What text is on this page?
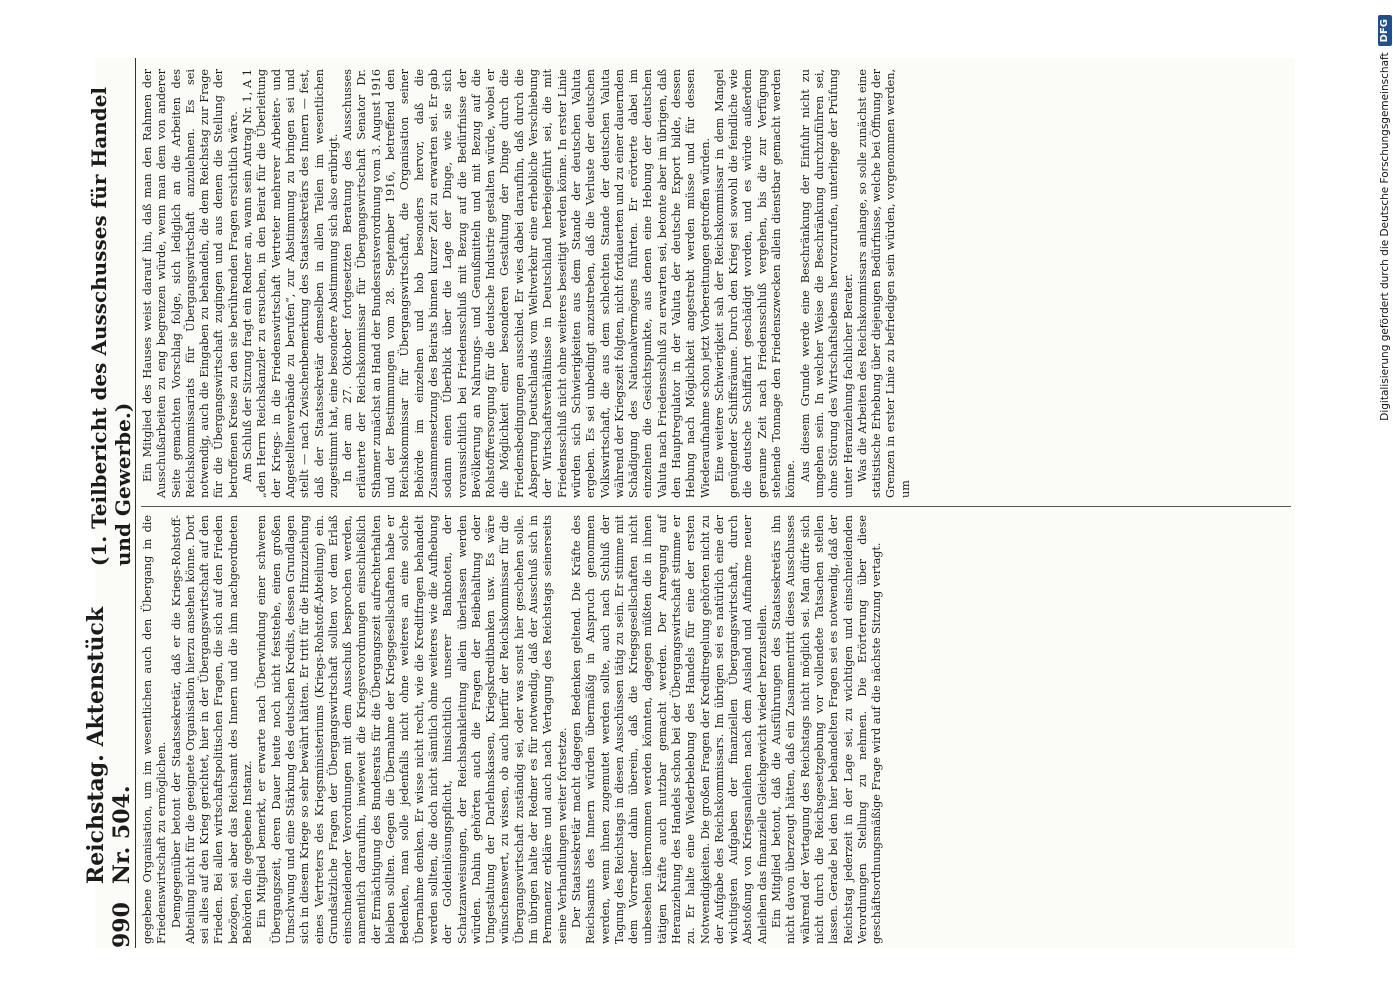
990
Reichstag. Aktenstück Nr. 504.
(1. Teilbericht des Ausschusses für Handel und Gewerbe.)

gegebene Organisation, um im wesentlichen auch den Übergang in die Friedenswirtschaft zu ermöglichen. Demgegenüber betont der Staatssekretär, daß er die Kriegs-Rohstoff-Abteilung nicht für die geeignete Organisation hierzu ansehen könne. Dort sei alles auf den Krieg gerichtet, hier in der Übergangswirtschaft auf den Frieden. Bei allen wirtschaftspolitischen Fragen, die sich auf den Frieden bezögen, sei aber das Reichsamt des Innern und die ihm nachgeordneten Behörden die gegebene Instanz. Ein Mitglied bemerkt, er erwarte nach Überwindung einer schweren Übergangszeit, deren Dauer heute noch nicht feststehe, einen großen Umschwung und eine Stärkung des deutschen Kredits, dessen Grundlagen sich in diesem Kriege so sehr bewährt hätten. Er tritt für die Hinzuziehung eines Vertreters des Kriegsministeriums (Kriegs-Rohstoff-Abteilung) ein. Grundsätzliche Fragen der Übergangswirtschaft sollten vor dem Erlaß einschneidender Verordnungen mit dem Ausschuß besprochen werden, namentlich daraufhin, inwieweit die Kriegsverordnungen einschließlich der Ermächtigung des Bundesrats für die Übergangszeit aufrechterhalten bleiben sollten. Gegen die Übernahme der Kriegsgesellschaften habe er Bedenken, man solle jedenfalls nicht ohne weiteres an eine solche Übernahme denken. Er wisse nicht recht, wie die Kreditfragen behandelt werden sollten, die doch nicht sämtlich ohne weiteres wie die Aufhebung der Goldeinlösungspflicht, hinsichtlich unserer Banknoten, der Schatzanweisungen, der Reichsbankleitung allein überlassen werden würden. Dahin gehörten auch die Fragen der Beibehaltung oder Umgestaltung der Darlehnskassen, Kriegskreditbanken usw. Es wäre wünschenswert, zu wissen, ob auch hierfür der Reichskommissar für die Übergangswirtschaft zuständig sei, oder was sonst hier geschehen solle. Im übrigen halte der Redner es für notwendig, daß der Ausschuß sich in Permanenz erkläre und auch nach Vertagung des Reichstags seinerseits seine Verhandlungen weiter fortsetze. Der Staatssekretär macht dagegen Bedenken geltend. Die Kräfte des Reichsamts des Innern würden übermäßig in Anspruch genommen werden, wenn ihnen zugemutet werden sollte, auch nach Schluß der Tagung des Reichstags in diesen Ausschüssen tätig zu sein. Er stimme mit dem Vorredner dahin überein, daß die Kriegsgesellschaften nicht unbesehen übernommen werden könnten, dagegen müßten die in ihnen tätigen Kräfte auch nutzbar gemacht werden. Der Anregung auf Heranziehung des Handels schon bei der Übergangswirtschaft stimme er zu. Er halte eine Wiederbelebung des Handels für eine der ersten Notwendigkeiten. Die großen Fragen der Kreditregelung gehörten nicht zu der Aufgabe des Reichskommissars. Im übrigen sei es natürlich eine der wichtigsten Aufgaben der finanziellen Übergangswirtschaft, durch Abstoßung von Kriegsanleihen nach dem Ausland und Aufnahme neuer Anleihen das finanzielle Gleichgewicht wieder herzustellen. Ein Mitglied betont, daß die Ausführungen des Staatssekretärs ihn nicht davon überzeugt hätten, daß ein Zusammentritt dieses Ausschusses während der Vertagung des Reichstags nicht möglich sei. Man dürfe sich nicht durch die Reichsgesetzgebung vor vollendete Tatsachen stellen lassen. Gerade bei den hier behandelten Fragen sei es notwendig, daß der Reichstag jederzeit in der Lage sei, zu wichtigen und einschneidenden Verordnungen Stellung zu nehmen. Die Erörterung über diese geschäftsordnungsmäßige Frage wird auf die nächste Sitzung vertagt.

Ein Mitglied des Hauses weist darauf hin, daß man den Rahmen der Ausschußarbeiten zu eng begrenzen würde, wenn man dem von anderer Seite gemachten Vorschlag folge, sich lediglich an die Arbeiten des Reichskommissariats für Übergangswirtschaft anzulehnen. Es sei notwendig, auch die Eingaben zu behandeln, die dem Reichstag zur Frage für die Übergangswirtschaft zugingen und aus denen die Stellung der betroffenen Kreise zu den sie berührenden Fragen ersichtlich wäre. Am Schluß der Sitzung fragt ein Redner an, wann sein Antrag Nr. 1, A 1 „den Herrn Reichskanzler zu ersuchen, in den Beirat für die Überleitung der Kriegs- in die Friedenswirtschaft Vertreter mehrerer Arbeiter- und Angestelltenverbände zu berufen“, zur Abstimmung zu bringen sei und stellt — nach Zwischenbemerkung des Staatssekretärs des Innern — fest, daß der Staatssekretär demselben in allen Teilen im wesentlichen zugestimmt hat, eine besondere Abstimmung sich also erübrigt. In der am 27. Oktober fortgesetzten Beratung des Ausschusses erläuterte der Reichskommissar für Übergangswirtschaft Senator Dr. Sthamer zunächst an Hand der Bundesratsverordnung vom 3. August 1916 und der Bestimmungen vom 28. September 1916, betreffend den Reichskommissar für Übergangswirtschaft, die Organisation seiner Behörde im einzelnen und hob besonders hervor, daß die Zusammensetzung des Beirats binnen kurzer Zeit zu erwarten sei. Er gab sodann einen Überblick über die Lage der Dinge, wie sie sich voraussichtlich bei Friedensschluß mit Bezug auf die Bedürfnisse der Bevölkerung an Nahrungs- und Genußmitteln und mit Bezug auf die Rohstoffversorgung für die deutsche Industrie gestalten würde, wobei er die Möglichkeit einer besonderen Gestaltung der Dinge durch die Friedensbedingungen ausschied. Er wies dabei daraufhin, daß durch die Absperrung Deutschlands vom Weltverkehr eine erhebliche Verschiebung der Wirtschaftsverhältnisse in Deutschland herbeigeführt sei, die mit Friedensschluß nicht ohne weiteres beseitigt werden könne. In erster Linie würden sich Schwierigkeiten aus dem Stande der deutschen Valuta ergeben. Es sei unbedingt anzustreben, daß die Verluste der deutschen Volkswirtschaft, die aus dem schlechten Stande der deutschen Valuta während der Kriegszeit folgten, nicht fortdauerten und zu einer dauernden Schädigung des Nationalvermögens führten. Er erörterte dabei im einzelnen die Gesichtspunkte, aus denen eine Hebung der deutschen Valuta nach Friedensschluß zu erwarten sei, betonte aber im übrigen, daß den Hauptregulator in der Valuta der deutsche Export bilde, dessen Hebung nach Möglichkeit angestrebt werden müsse und für dessen Wiederaufnahme schon jetzt Vorbereitungen getroffen würden. Eine weitere Schwierigkeit sah der Reichskommissar in dem Mangel genügender Schiffsräume. Durch den Krieg sei sowohl die feindliche wie die deutsche Schiffahrt geschädigt worden, und es würde außerdem geraume Zeit nach Friedensschluß vergehen, bis die zur Verfügung stehende Tonnage den Friedenszwecken allein dienstbar gemacht werden könne. Aus diesem Grunde werde eine Beschränkung der Einfuhr nicht zu umgehen sein. In welcher Weise die Beschränkung durchzuführen sei, ohne Störung des Wirtschaftslebens hervorzurufen, unterliege der Prüfung unter Heranziehung fachlicher Berater. Was die Arbeiten des Reichskommissars anlange, so solle zunächst eine statistische Erhebung über diejenigen Bedürfnisse, welche bei Öffnung der Grenzen in erster Linie zu befriedigen sein würden, vorgenommen werden, um

Digitalisierung gefördert durch die Deutsche Forschungsgemeinschaft
DFG
